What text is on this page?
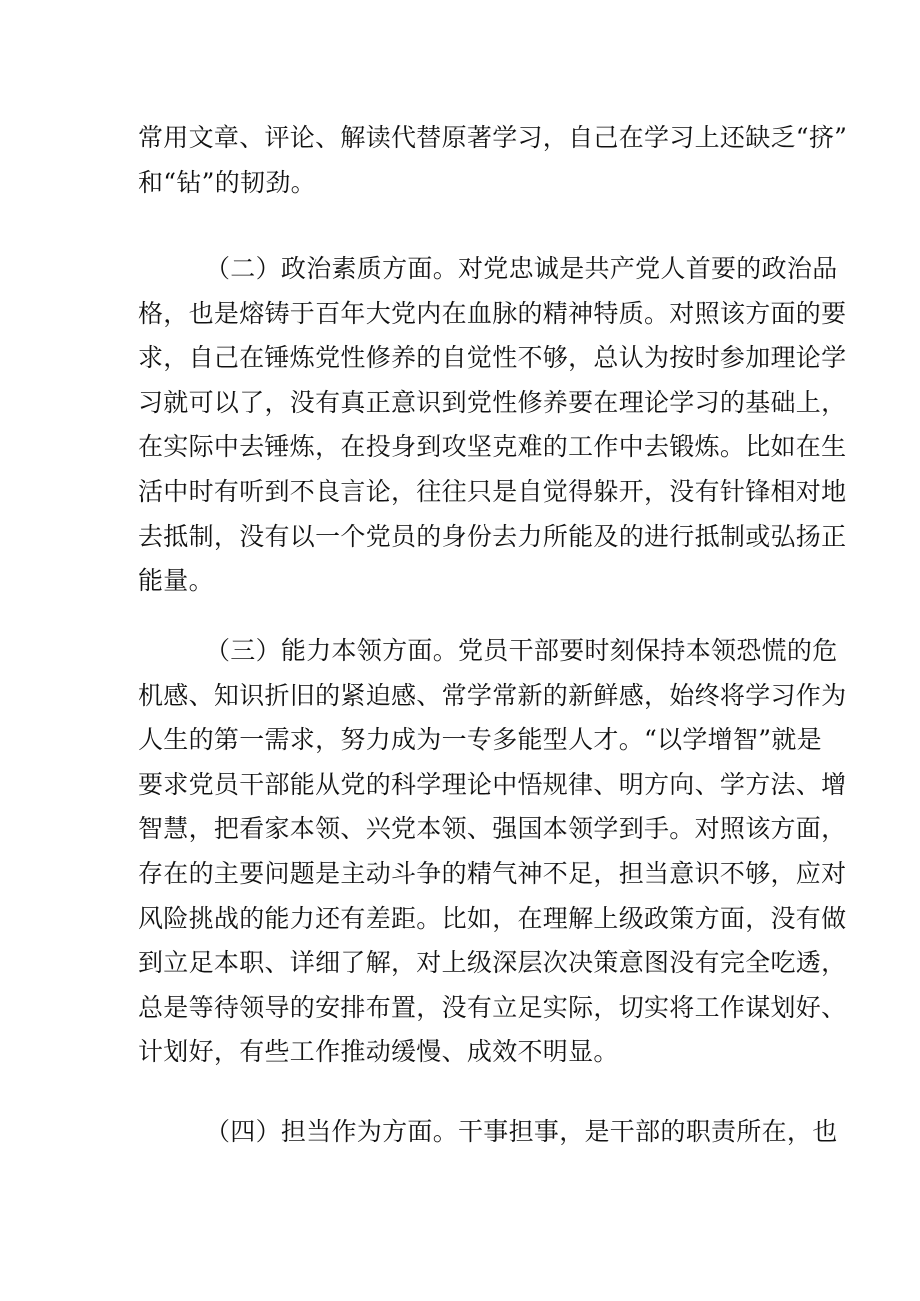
常用文章、评论、解读代替原著学习，自己在学习上还缺乏“挤”
和“钻”的韧劲。
（二）政治素质方面。对党忠诚是共产党人首要的政治品
格，也是熔铸于百年大党内在血脉的精神特质。对照该方面的要
求，自己在锤炼党性修养的自觉性不够，总认为按时参加理论学
习就可以了，没有真正意识到党性修养要在理论学习的基础上，
在实际中去锤炼，在投身到攻坚克难的工作中去锻炼。比如在生
活中时有听到不良言论，往往只是自觉得躲开，没有针锋相对地
去抵制，没有以一个党员的身份去力所能及的进行抵制或弘扬正
能量。
（三）能力本领方面。党员干部要时刻保持本领恐慌的危
机感、知识折旧的紧迫感、常学常新的新鲜感，始终将学习作为
人生的第一需求，努力成为一专多能型人才。“以学增智”就是
要求党员干部能从党的科学理论中悟规律、明方向、学方法、增
智慧，把看家本领、兴党本领、强国本领学到手。对照该方面，
存在的主要问题是主动斗争的精气神不足，担当意识不够，应对
风险挑战的能力还有差距。比如，在理解上级政策方面，没有做
到立足本职、详细了解，对上级深层次决策意图没有完全吃透，
总是等待领导的安排布置，没有立足实际，切实将工作谋划好、
计划好，有些工作推动缓慢、成效不明显。
（四）担当作为方面。干事担事，是干部的职责所在，也
